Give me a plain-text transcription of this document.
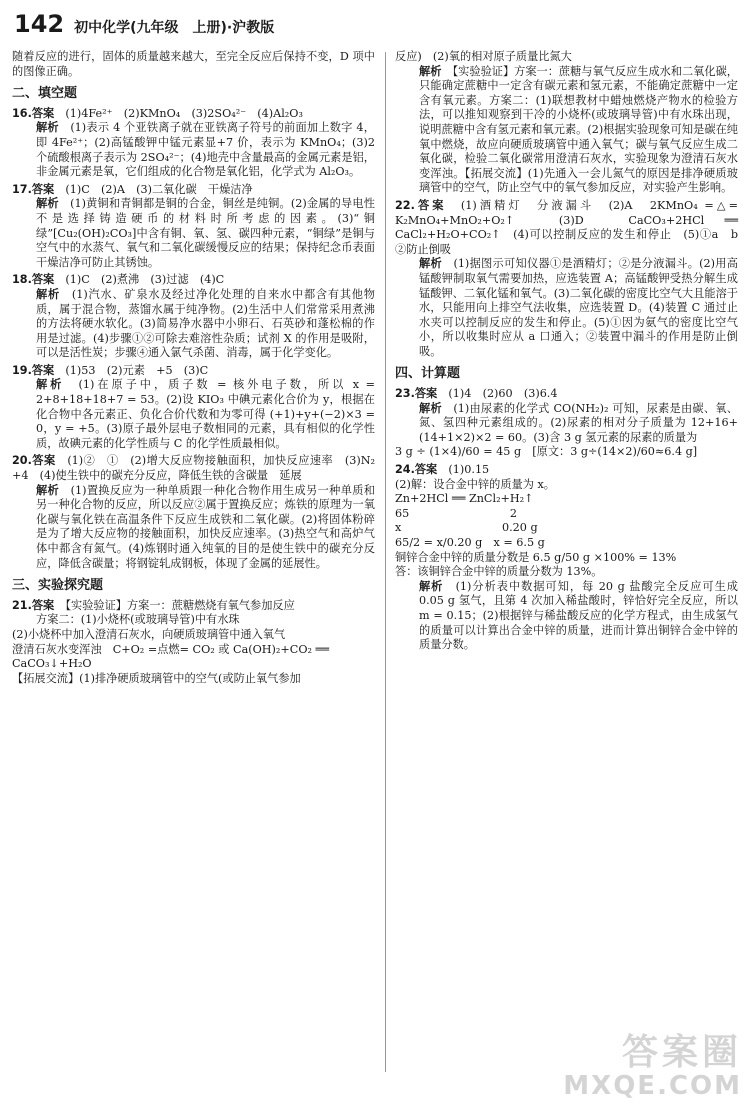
142 初中化学(九年级　上册)·沪教版

随着反应的进行，固体的质量越来越大，至完全反应后保持不变，D 项中的图像正确。

二、填空题

16.答案　 (1)4Fe²⁺　(2)KMnO₄　(3)2SO₄²⁻　(4)Al₂O₃

解析　 (1)表示 4 个亚铁离子就在亚铁离子符号的前面加上数字 4，即 4Fe²⁺；(2)高锰酸钾中锰元素显+7 价，表示为 KMnO₄；(3)2 个硫酸根离子表示为 2SO₄²⁻；(4)地壳中含量最高的金属元素是铝，非金属元素是氧，它们组成的化合物是氧化铝，化学式为 Al₂O₃。

17.答案　 (1)C　(2)A　(3)二氧化碳　干燥洁净

解析　 (1)黄铜和青铜都是铜的合金，铜丝是纯铜。(2)金属的导电性不是选择铸造硬币的材料时所考虑的因素。(3)“铜绿”[Cu₂(OH)₂CO₃]中含有铜、氧、氢、碳四种元素，“铜绿”是铜与空气中的水蒸气、氧气和二氧化碳缓慢反应的结果；保持纪念币表面干燥洁净可防止其锈蚀。

18.答案　 (1)C　(2)煮沸　(3)过滤　(4)C

解析　 (1)汽水、矿泉水及经过净化处理的自来水中都含有其他物质，属于混合物，蒸馏水属于纯净物。(2)生活中人们常常采用煮沸的方法将硬水软化。(3)简易净水器中小卵石、石英砂和蓬松棉的作用是过滤。(4)步骤①②可除去难溶性杂质；试剂 X 的作用是吸附，可以是活性炭；步骤④通入氯气杀菌、消毒，属于化学变化。

19.答案　 (1)53　(2)元素　+5　(3)C

解析　 (1)在原子中，质子数 = 核外电子数，所以 x = 2+8+18+18+7 = 53。(2)设 KIO₃ 中碘元素化合价为 y，根据在化合物中各元素正、负化合价代数和为零可得 (+1)+y+(−2)×3 = 0，y = +5。(3)原子最外层电子数相同的元素，具有相似的化学性质，故碘元素的化学性质与 C 的化学性质最相似。

20.答案　 (1)②　①　(2)增大反应物接触面积，加快反应速率　(3)N₂　+4　(4)使生铁中的碳充分反应，降低生铁的含碳量　延展

解析　 (1)置换反应为一种单质跟一种化合物作用生成另一种单质和另一种化合物的反应，所以反应②属于置换反应；炼铁的原理为一氧化碳与氧化铁在高温条件下反应生成铁和二氧化碳。(2)将固体粉碎是为了增大反应物的接触面积，加快反应速率。(3)热空气和高炉气体中都含有氮气。(4)炼钢时通入纯氧的目的是使生铁中的碳充分反应，降低含碳量；将钢锭轧成钢板，体现了金属的延展性。

三、实验探究题

21.答案　 【实验验证】方案一：蔗糖燃烧有氧气参加反应

方案二：(1)小烧杯(或玻璃导管)中有水珠

(2)小烧杯中加入澄清石灰水，向硬质玻璃管中通入氧气

澄清石灰水变浑浊　C+O₂ =点燃= CO₂ 或 Ca(OH)₂+CO₂ ══

CaCO₃↓+H₂O

【拓展交流】(1)排净硬质玻璃管中的空气(或防止氧气参加

反应)　(2)氧的相对原子质量比氮大

解析　 【实验验证】方案一：蔗糖与氧气反应生成水和二氧化碳，只能确定蔗糖中一定含有碳元素和氢元素，不能确定蔗糖中一定含有氧元素。方案二：(1)联想教材中蜡烛燃烧产物水的检验方法，可以推知观察到干冷的小烧杯(或玻璃导管)中有水珠出现，说明蔗糖中含有氢元素和氧元素。(2)根据实验现象可知是碳在纯氧中燃烧，故应向硬质玻璃管中通入氧气；碳与氧气反应生成二氧化碳，检验二氧化碳常用澄清石灰水，实验现象为澄清石灰水变浑浊。【拓展交流】(1)先通入一会儿氮气的原因是排净硬质玻璃管中的空气，防止空气中的氧气参加反应，对实验产生影响。

22.答案　 (1)酒精灯　分液漏斗　(2)A　2KMnO₄ =△= K₂MnO₄+MnO₂+O₂↑　(3)D　CaCO₃+2HCl ══ CaCl₂+H₂O+CO₂↑　(4)可以控制反应的发生和停止　(5)①a　b　②防止倒吸

解析　 (1)据图示可知仪器①是酒精灯；②是分液漏斗。(2)用高锰酸钾制取氧气需要加热，应选装置 A；高锰酸钾受热分解生成锰酸钾、二氧化锰和氧气。(3)二氧化碳的密度比空气大且能溶于水，只能用向上排空气法收集，应选装置 D。(4)装置 C 通过止水夹可以控制反应的发生和停止。(5)①因为氨气的密度比空气小，所以收集时应从 a 口通入；②装置中漏斗的作用是防止倒吸。

四、计算题

23.答案　 (1)4　(2)60　(3)6.4

解析　 (1)由尿素的化学式 CO(NH₂)₂ 可知，尿素是由碳、氧、氮、氢四种元素组成的。(2)尿素的相对分子质量为 12+16+(14+1×2)×2 = 60。(3)含 3 g 氢元素的尿素的质量为

3 g ÷ (1×4)/60 = 45 g　[原文：3 g÷(14×2)/60≈6.4 g]

24.答案　 (1)0.15

(2)解：设合金中锌的质量为 x。

Zn+2HCl ══ ZnCl₂+H₂↑

65　　　　　　　　　2

x　　　　　　　　　0.20 g

65/2 = x/0.20 g　x = 6.5 g

铜锌合金中锌的质量分数是 6.5 g/50 g ×100% = 13%

答：该铜锌合金中锌的质量分数为 13%。

解析　 (1)分析表中数据可知，每 20 g 盐酸完全反应可生成 0.05 g 氢气，且第 4 次加入稀盐酸时，锌恰好完全反应，所以 m = 0.15；(2)根据锌与稀盐酸反应的化学方程式，由生成氢气的质量可以计算出合金中锌的质量，进而计算出铜锌合金中锌的质量分数。

答案圈
MXQE.COM
